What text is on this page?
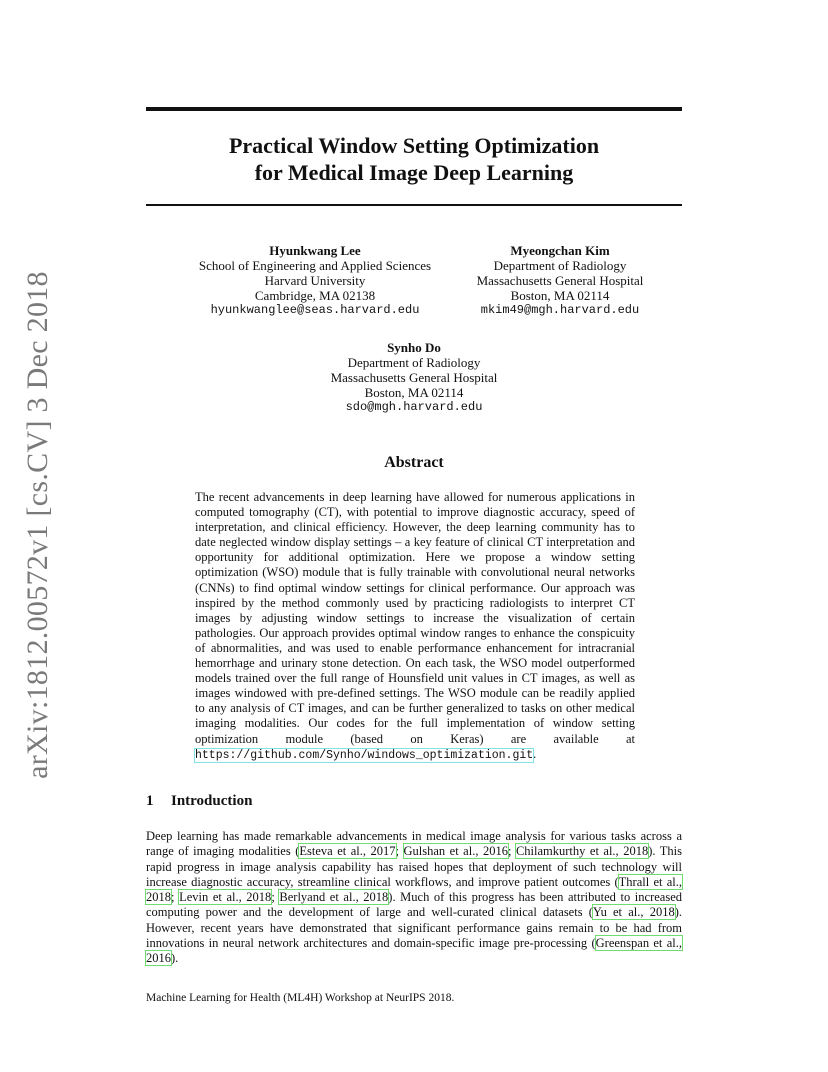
arXiv:1812.00572v1 [cs.CV] 3 Dec 2018
Practical Window Setting Optimization
for Medical Image Deep Learning
Hyunkwang Lee
School of Engineering and Applied Sciences
Harvard University
Cambridge, MA 02138
hyunkwanglee@seas.harvard.edu
Myeongchan Kim
Department of Radiology
Massachusetts General Hospital
Boston, MA 02114
mkim49@mgh.harvard.edu
Synho Do
Department of Radiology
Massachusetts General Hospital
Boston, MA 02114
sdo@mgh.harvard.edu
Abstract

The recent advancements in deep learning have allowed for numerous applications in computed tomography (CT), with potential to improve diagnostic accuracy, speed of interpretation, and clinical efficiency. However, the deep learning community has to date neglected window display settings – a key feature of clinical CT interpretation and opportunity for additional optimization. Here we propose a window setting optimization (WSO) module that is fully trainable with convolutional neural networks (CNNs) to find optimal window settings for clinical performance. Our approach was inspired by the method commonly used by practicing radiologists to interpret CT images by adjusting window settings to increase the visualization of certain pathologies. Our approach provides optimal window ranges to enhance the conspicuity of abnormalities, and was used to enable performance enhancement for intracranial hemorrhage and urinary stone detection. On each task, the WSO model outperformed models trained over the full range of Hounsfield unit values in CT images, as well as images windowed with pre-defined settings. The WSO module can be readily applied to any analysis of CT images, and can be further generalized to tasks on other medical imaging modalities. Our codes for the full implementation of window setting optimization module (based on Keras) are available at https://github.com/Synho/windows_optimization.git.

1 Introduction

Deep learning has made remarkable advancements in medical image analysis for various tasks across a range of imaging modalities (Esteva et al., 2017; Gulshan et al., 2016; Chilamkurthy et al., 2018). This rapid progress in image analysis capability has raised hopes that deployment of such technology will increase diagnostic accuracy, streamline clinical workflows, and improve patient outcomes (Thrall et al., 2018; Levin et al., 2018; Berlyand et al., 2018). Much of this progress has been attributed to increased computing power and the development of large and well-curated clinical datasets (Yu et al., 2018). However, recent years have demonstrated that significant performance gains remain to be had from innovations in neural network architectures and domain-specific image pre-processing (Greenspan et al., 2016).

Machine Learning for Health (ML4H) Workshop at NeurIPS 2018.
